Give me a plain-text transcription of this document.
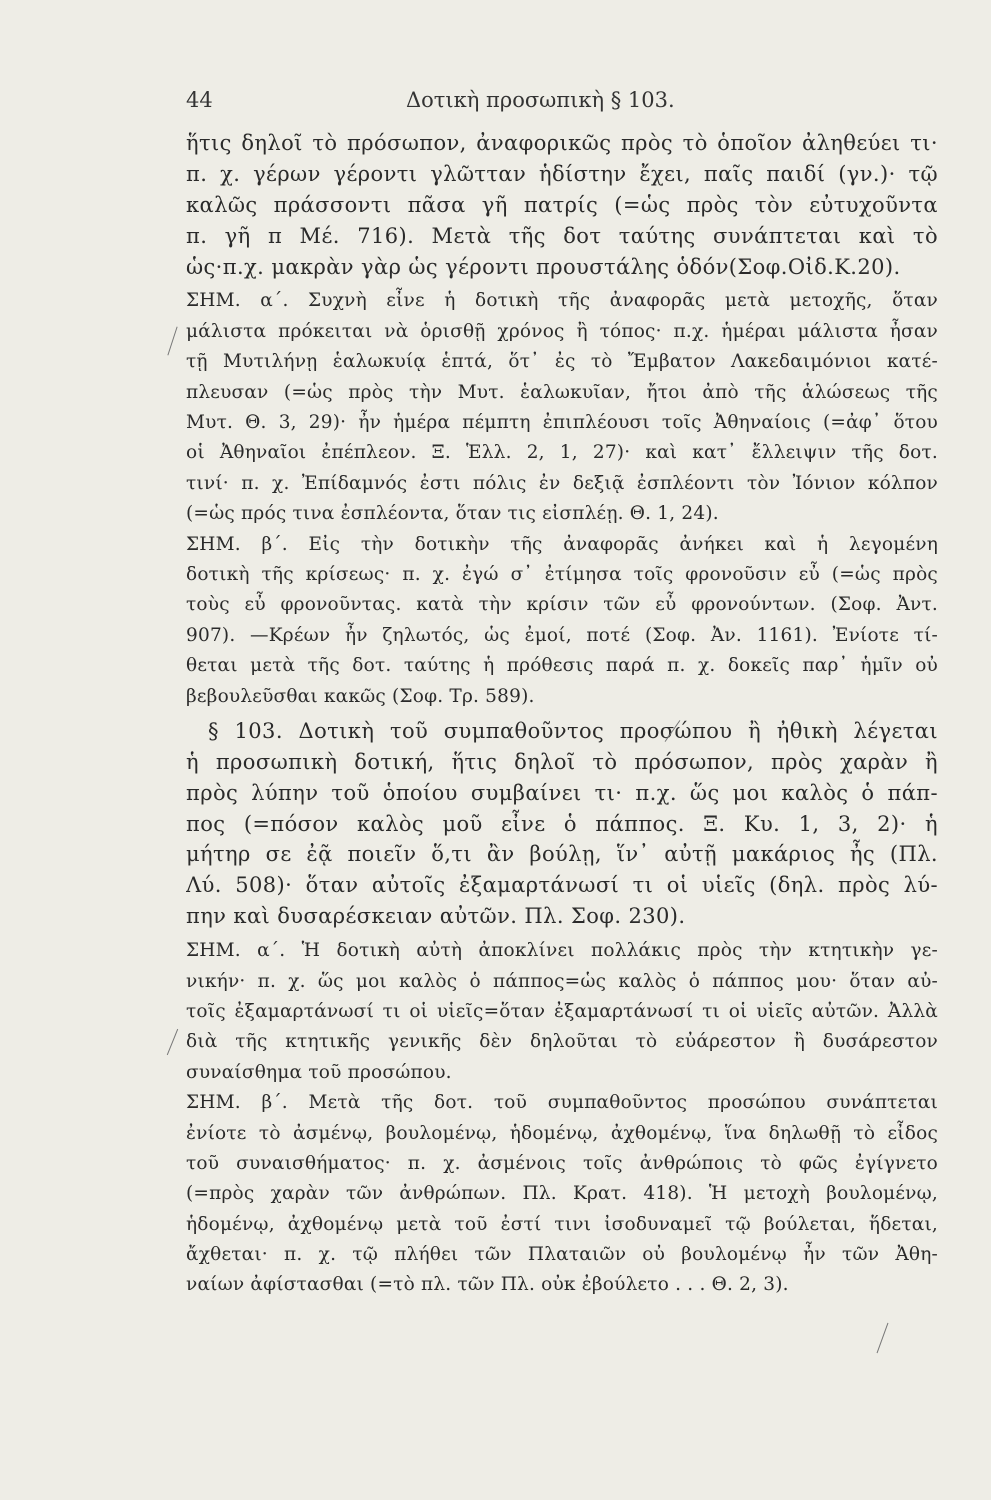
44	Δοτικὴ προσωπικὴ § 103.
ἥτις δηλοῖ τὸ πρόσωπον, ἀναφορικῶς πρὸς τὸ ὁποῖον ἀληθεύει τι·
π. χ. γέρων γέροντι γλῶτταν ἡδίστην ἔχει, παῖς παιδί (γν.)· τῷ
καλῶς πράσσοντι πᾶσα γῆ πατρίς (=ὡς πρὸς τὸν εὐτυχοῦντα
π. γῆ π Μέ. 716). Μετὰ τῆς δοτ ταύτης συνάπτεται καὶ τὸ
ὡς·π.χ. μακρὰν γὰρ ὡς γέροντι προυστάλης ὁδόν(Σοφ.Οἰδ.Κ.20).
ΣΗΜ. α΄. Συχνὴ εἶνε ἡ δοτικὴ τῆς ἀναφορᾶς μετὰ μετοχῆς, ὅταν
μάλιστα πρόκειται νὰ ὁρισθῇ χρόνος ἢ τόπος· π.χ. ἡμέραι μάλιστα ἦσαν
τῇ Μυτιλήνῃ ἑαλωκυίᾳ ἑπτά, ὅτ᾽ ἐς τὸ Ἔμβατον Λακεδαιμόνιοι κατέ-
πλευσαν (=ὡς πρὸς τὴν Μυτ. ἑαλωκυῖαν, ἤτοι ἀπὸ τῆς ἁλώσεως τῆς
Μυτ. Θ. 3, 29)· ἦν ἡμέρα πέμπτη ἐπιπλέουσι τοῖς Ἀθηναίοις (=ἀφ᾽ ὅτου
οἱ Ἀθηναῖοι ἐπέπλεον. Ξ. Ἑλλ. 2, 1, 27)· καὶ κατ᾽ ἔλλειψιν τῆς δοτ.
τινί· π. χ. Ἐπίδαμνός ἐστι πόλις ἐν δεξιᾷ ἐσπλέοντι τὸν Ἰόνιον κόλπον
(=ὡς πρός τινα ἐσπλέοντα, ὅταν τις εἰσπλέῃ. Θ. 1, 24).
ΣΗΜ. β΄. Εἰς τὴν δοτικὴν τῆς ἀναφορᾶς ἀνήκει καὶ ἡ λεγομένη
δοτικὴ τῆς κρίσεως· π. χ. ἐγώ σ᾽ ἐτίμησα τοῖς φρονοῦσιν εὖ (=ὡς πρὸς
τοὺς εὖ φρονοῦντας. κατὰ τὴν κρίσιν τῶν εὖ φρονούντων. (Σοφ. Ἀντ.
907). —Κρέων ἦν ζηλωτός, ὡς ἐμοί, ποτέ (Σοφ. Ἀν. 1161). Ἐνίοτε τί-
θεται μετὰ τῆς δοτ. ταύτης ἡ πρόθεσις παρά π. χ. δοκεῖς παρ᾽ ἡμῖν οὐ
βεβουλεῦσθαι κακῶς (Σοφ. Τρ. 589).
§ 103. Δοτικὴ τοῦ συμπαθοῦντος προσώπου ἢ ἠθικὴ λέγεται
ἡ προσωπικὴ δοτική, ἥτις δηλοῖ τὸ πρόσωπον, πρὸς χαρὰν ἢ
πρὸς λύπην τοῦ ὁποίου συμβαίνει τι· π.χ. ὥς μοι καλὸς ὁ πάπ-
πος (=πόσον καλὸς μοῦ εἶνε ὁ πάππος. Ξ. Κυ. 1, 3, 2)· ἡ
μήτηρ σε ἐᾷ ποιεῖν ὅ,τι ἂν βούλῃ, ἵν᾽ αὐτῇ μακάριος ἦς (Πλ.
Λύ. 508)· ὅταν αὐτοῖς ἐξαμαρτάνωσί τι οἱ υἱεῖς (δηλ. πρὸς λύ-
πην καὶ δυσαρέσκειαν αὐτῶν. Πλ. Σοφ. 230).
ΣΗΜ. α΄. Ἡ δοτικὴ αὐτὴ ἀποκλίνει πολλάκις πρὸς τὴν κτητικὴν γε-
νικήν· π. χ. ὥς μοι καλὸς ὁ πάππος=ὡς καλὸς ὁ πάππος μου· ὅταν αὐ-
τοῖς ἐξαμαρτάνωσί τι οἱ υἱεῖς=ὅταν ἐξαμαρτάνωσί τι οἱ υἱεῖς αὐτῶν. Ἀλλὰ
διὰ τῆς κτητικῆς γενικῆς δὲν δηλοῦται τὸ εὐάρεστον ἢ δυσάρεστον
συναίσθημα τοῦ προσώπου.
ΣΗΜ. β΄. Μετὰ τῆς δοτ. τοῦ συμπαθοῦντος προσώπου συνάπτεται
ἐνίοτε τὸ ἀσμένῳ, βουλομένῳ, ἡδομένῳ, ἀχθομένῳ, ἵνα δηλωθῇ τὸ εἶδος
τοῦ συναισθήματος· π. χ. ἀσμένοις τοῖς ἀνθρώποις τὸ φῶς ἐγίγνετο
(=πρὸς χαρὰν τῶν ἀνθρώπων. Πλ. Κρατ. 418). Ἡ μετοχὴ βουλομένῳ,
ἡδομένῳ, ἀχθομένῳ μετὰ τοῦ ἐστί τινι ἰσοδυναμεῖ τῷ βούλεται, ἥδεται,
ἄχθεται· π. χ. τῷ πλήθει τῶν Πλαταιῶν οὐ βουλομένῳ ἦν τῶν Ἀθη-
ναίων ἀφίστασθαι (=τὸ πλ. τῶν Πλ. οὐκ ἐβούλετο . . . Θ. 2, 3).
